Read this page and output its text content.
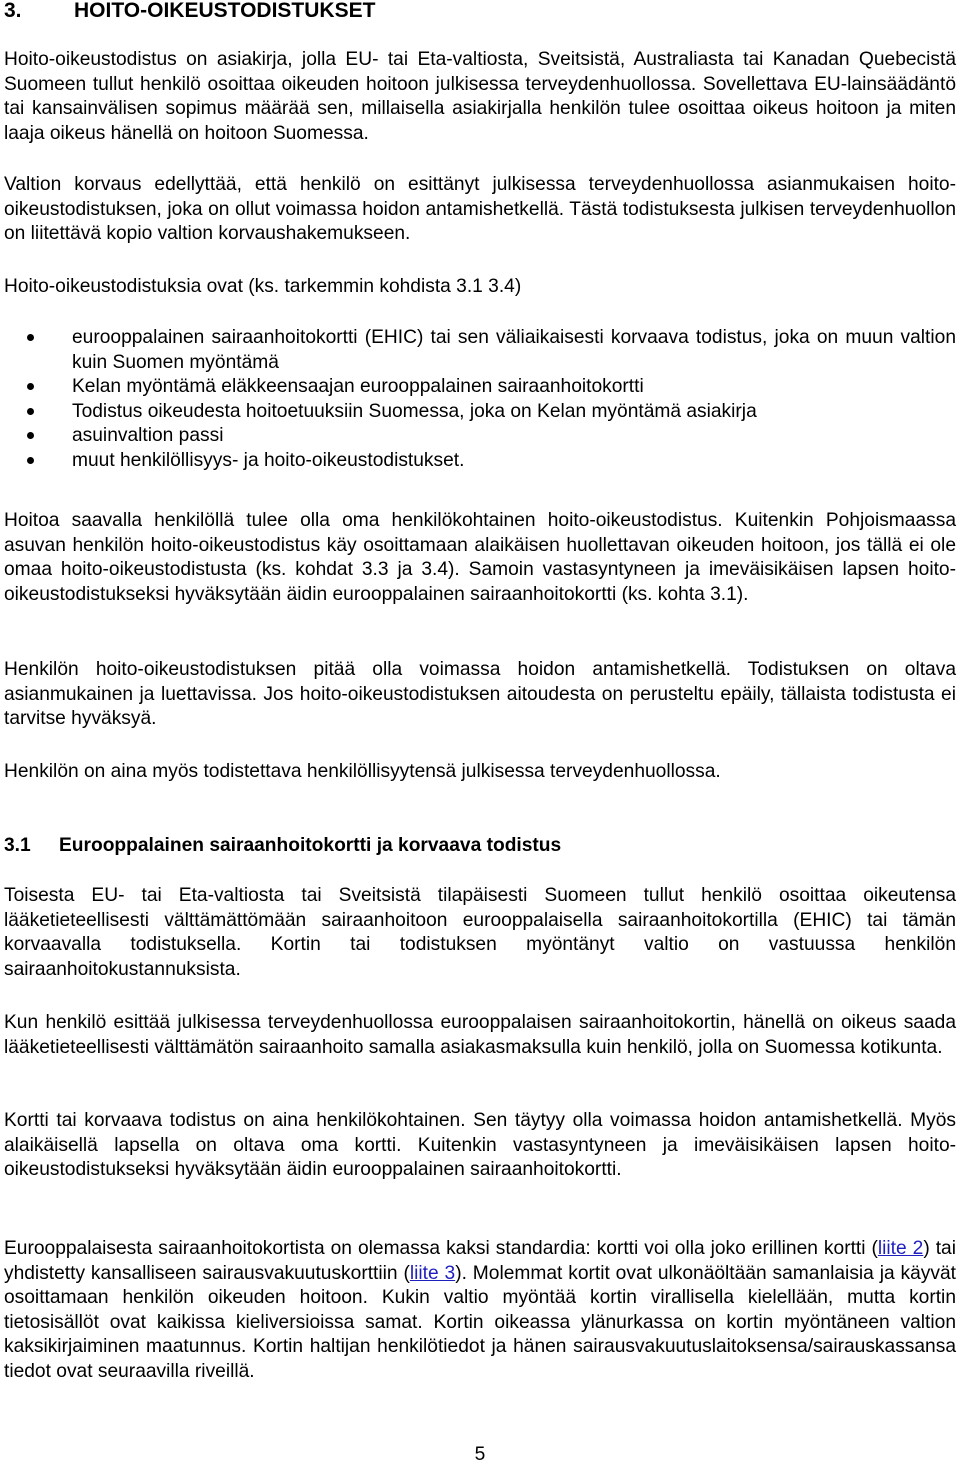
3. HOITO-OIKEUSTODISTUKSET

Hoito-oikeustodistus on asiakirja, jolla EU- tai Eta-valtiosta, Sveitsistä, Australiasta tai Kanadan Quebecistä Suomeen tullut henkilö osoittaa oikeuden hoitoon julkisessa terveydenhuollossa. Sovellettava EU-lainsäädäntö tai kansainvälisen sopimus määrää sen, millaisella asiakirjalla henkilön tulee osoittaa oikeus hoitoon ja miten laaja oikeus hänellä on hoitoon Suomessa.

Valtion korvaus edellyttää, että henkilö on esittänyt julkisessa terveydenhuollossa asianmukaisen hoito-oikeustodistuksen, joka on ollut voimassa hoidon antamishetkellä. Tästä todistuksesta julkisen terveydenhuollon on liitettävä kopio valtion korvaushakemukseen.

Hoito-oikeustodistuksia ovat (ks. tarkemmin kohdista 3.1 3.4)

eurooppalainen sairaanhoitokortti (EHIC) tai sen väliaikaisesti korvaava todistus, joka on muun valtion kuin Suomen myöntämä
Kelan myöntämä eläkkeensaajan eurooppalainen sairaanhoitokortti
Todistus oikeudesta hoitoetuuksiin Suomessa, joka on Kelan myöntämä asiakirja
asuinvaltion passi
muut henkilöllisyys- ja hoito-oikeustodistukset.

Hoitoa saavalla henkilöllä tulee olla oma henkilökohtainen hoito-oikeustodistus. Kuitenkin Pohjoismaassa asuvan henkilön hoito-oikeustodistus käy osoittamaan alaikäisen huollettavan oikeuden hoitoon, jos tällä ei ole omaa hoito-oikeustodistusta (ks. kohdat 3.3 ja 3.4). Samoin vastasyntyneen ja imeväisikäisen lapsen hoito-oikeustodistukseksi hyväksytään äidin eurooppalainen sairaanhoitokortti (ks. kohta 3.1).

Henkilön hoito-oikeustodistuksen pitää olla voimassa hoidon antamishetkellä. Todistuksen on oltava asianmukainen ja luettavissa. Jos hoito-oikeustodistuksen aitoudesta on perusteltu epäily, tällaista todistusta ei tarvitse hyväksyä.

Henkilön on aina myös todistettava henkilöllisyytensä julkisessa terveydenhuollossa.

3.1 Eurooppalainen sairaanhoitokortti ja korvaava todistus

Toisesta EU- tai Eta-valtiosta tai Sveitsistä tilapäisesti Suomeen tullut henkilö osoittaa oikeutensa lääketieteellisesti välttämättömään sairaanhoitoon eurooppalaisella sairaanhoitokortilla (EHIC) tai tämän korvaavalla todistuksella. Kortin tai todistuksen myöntänyt valtio on vastuussa henkilön sairaanhoitokustannuksista.

Kun henkilö esittää julkisessa terveydenhuollossa eurooppalaisen sairaanhoitokortin, hänellä on oikeus saada lääketieteellisesti välttämätön sairaanhoito samalla asiakasmaksulla kuin henkilö, jolla on Suomessa kotikunta.

Kortti tai korvaava todistus on aina henkilökohtainen. Sen täytyy olla voimassa hoidon antamishetkellä. Myös alaikäisellä lapsella on oltava oma kortti. Kuitenkin vastasyntyneen ja imeväisikäisen lapsen hoito-oikeustodistukseksi hyväksytään äidin eurooppalainen sairaanhoitokortti.

Eurooppalaisesta sairaanhoitokortista on olemassa kaksi standardia: kortti voi olla joko erillinen kortti (liite 2) tai yhdistetty kansalliseen sairausvakuutuskorttiin (liite 3). Molemmat kortit ovat ulkonäöltään samanlaisia ja käyvät osoittamaan henkilön oikeuden hoitoon. Kukin valtio myöntää kortin virallisella kielellään, mutta kortin tietosisällöt ovat kaikissa kieliversioissa samat. Kortin oikeassa ylänurkassa on kortin myöntäneen valtion kaksikirjaiminen maatunnus. Kortin haltijan henkilötiedot ja hänen sairausvakuutuslaitoksensa/sairauskassansa tiedot ovat seuraavilla riveillä.

5
